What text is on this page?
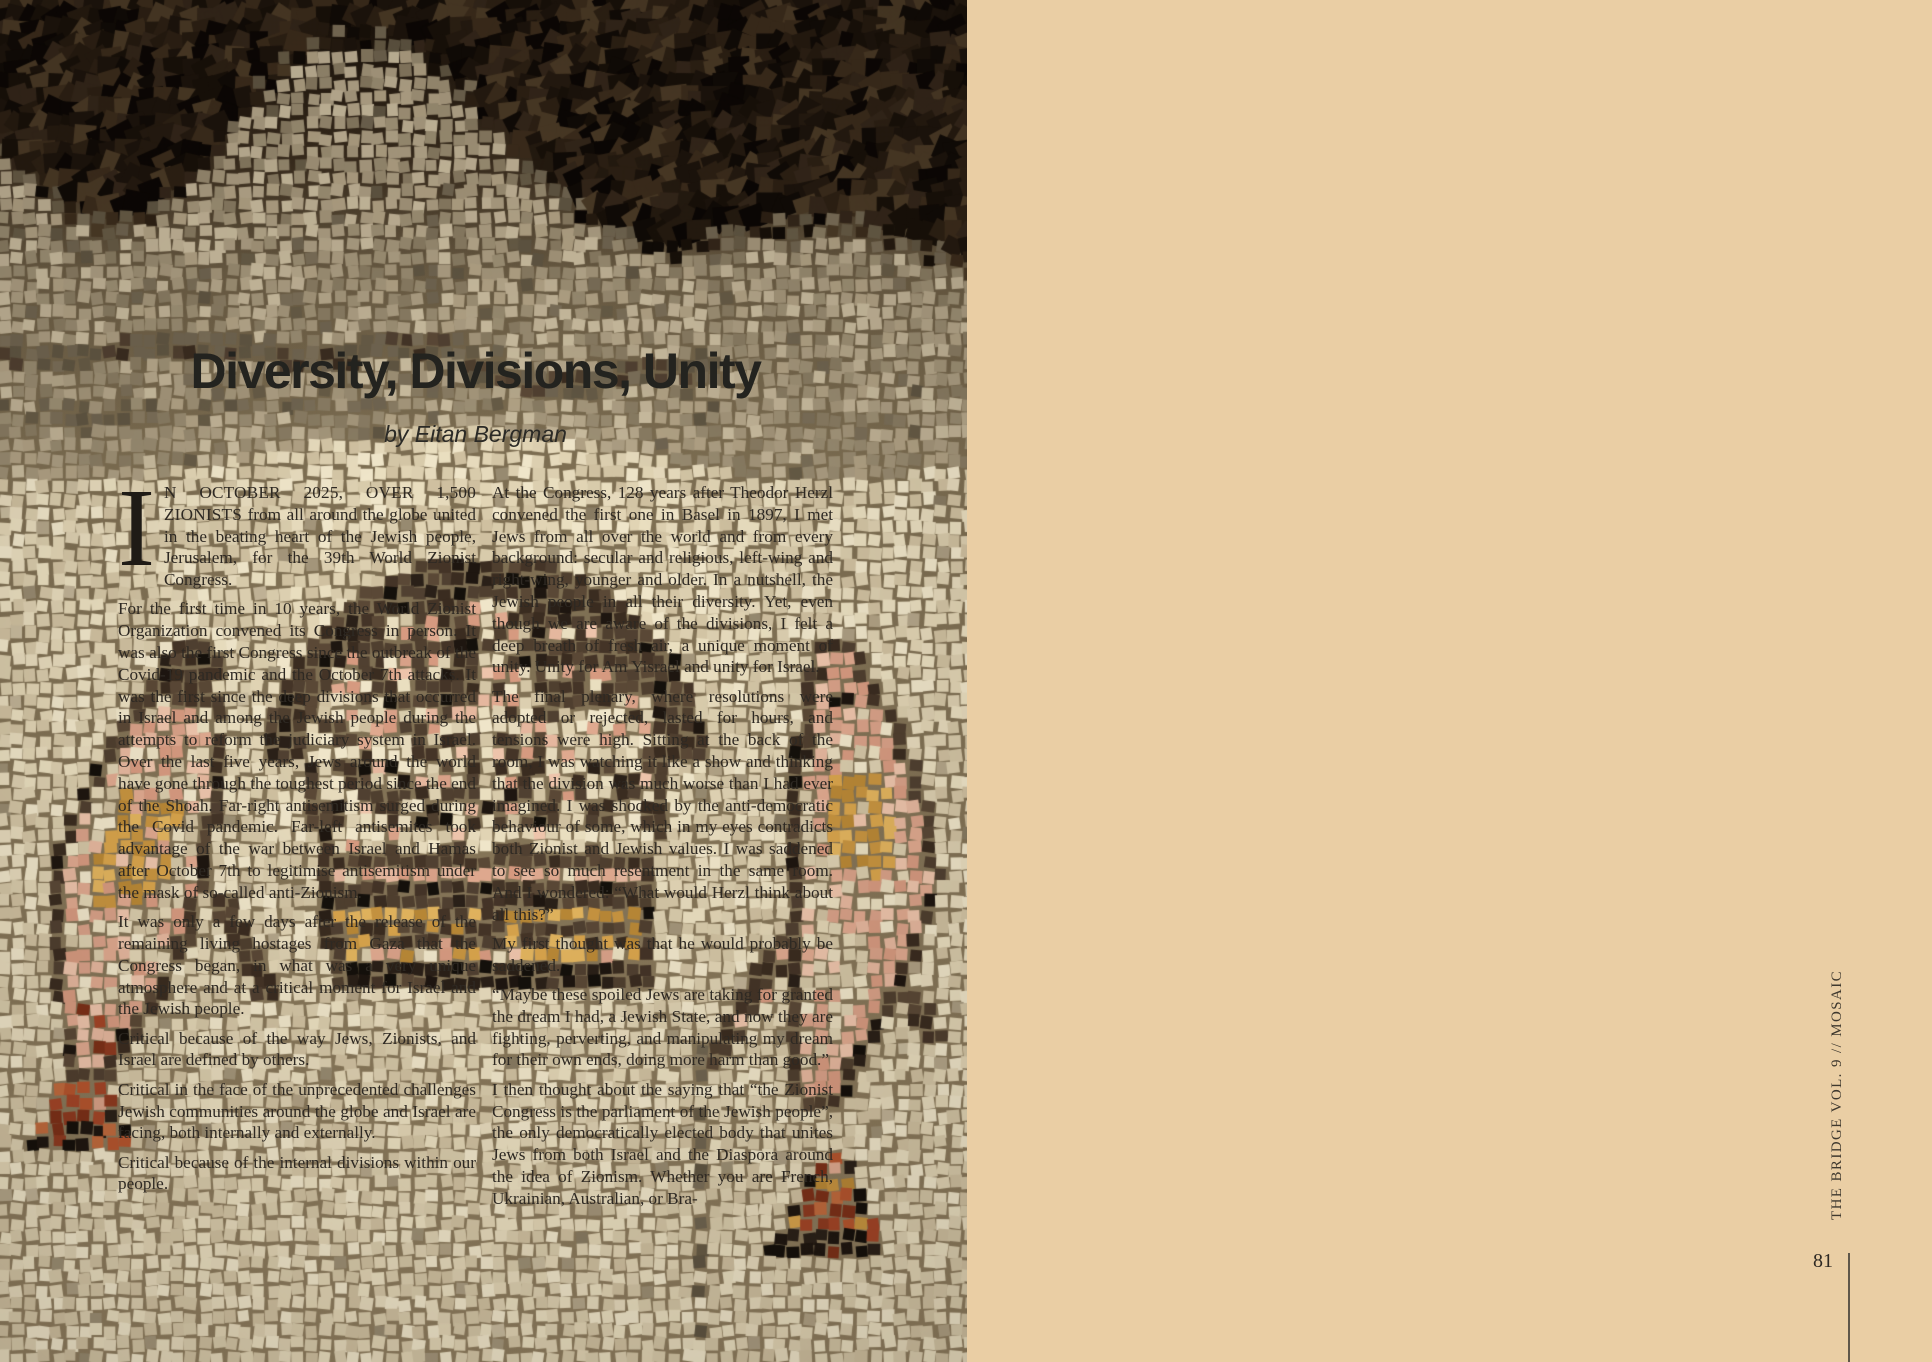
Diversity, Divisions, Unity
by Eitan Bergman

I N OCTOBER 2025, OVER 1,500 ZIONISTS from all around the globe united in the beating heart of the Jewish people, Jerusalem, for the 39th World Zionist Congress.

For the first time in 10 years, the World Zionist Organization convened its Congress in person. It was also the first Congress since the outbreak of the Covid-19 pandemic and the October 7th attacks. It was the first since the deep divisions that occurred in Israel and among the Jewish people during the attempts to reform the judiciary system in Israel. Over the last five years, Jews around the world have gone through the toughest period since the end of the Shoah. Far-right antisemitism surged during the Covid pandemic. Far-left antisemites took advantage of the war between Israel and Hamas after October 7th to legitimise antisemitism under the mask of so-called anti-Zionism.

It was only a few days after the release of the remaining living hostages from Gaza that the Congress began, in what was a very unique atmosphere and at a critical moment for Israel and the Jewish people.

Critical because of the way Jews, Zionists, and Israel are defined by others.

Critical in the face of the unprecedented challenges Jewish communities around the globe and Israel are facing, both internally and externally.

Critical because of the internal divisions within our people.

At the Congress, 128 years after Theodor Herzl convened the first one in Basel in 1897, I met Jews from all over the world and from every background: secular and religious, left-wing and right-wing, younger and older. In a nutshell, the Jewish people in all their diversity. Yet, even though we are aware of the divisions, I felt a deep breath of fresh air, a unique moment of unity. Unity for Am Yisrael and unity for Israel.

The final plenary, where resolutions were adopted or rejected, lasted for hours, and tensions were high. Sitting at the back of the room, I was watching it like a show and thinking that the division was much worse than I had ever imagined. I was shocked by the anti-democratic behaviour of some, which in my eyes contradicts both Zionist and Jewish values. I was saddened to see so much resentment in the same room. And I wondered: “What would Herzl think about all this?”

My first thought was that he would probably be saddened.

“Maybe these spoiled Jews are taking for granted the dream I had, a Jewish State, and now they are fighting, perverting, and manipulating my dream for their own ends, doing more harm than good.”

I then thought about the saying that “the Zionist Congress is the parliament of the Jewish people”, the only democratically elected body that unites Jews from both Israel and the Diaspora around the idea of Zionism. Whether you are French, Ukrainian, Australian, or Bra-	THE BRIDGE VOL. 9 // MOSAIC
81
